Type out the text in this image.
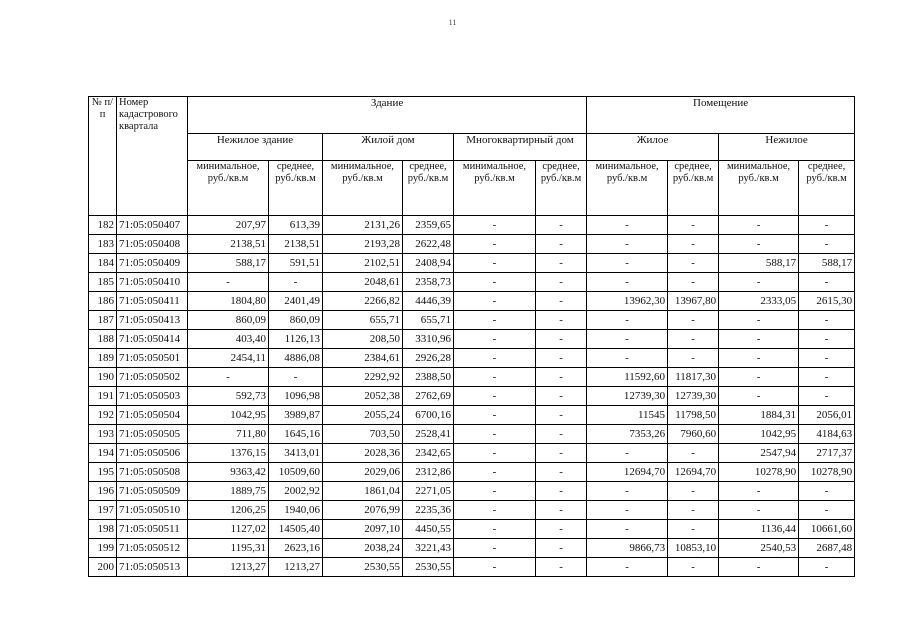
11
№ п/п	Номер кадастрового квартала	Здание						Помещение			
		Нежилое здание		Жилой дом		Многоквартирный дом		Жилое		Нежилое	
		минимальное, руб./кв.м	среднее, руб./кв.м	минимальное, руб./кв.м	среднее, руб./кв.м	минимальное, руб./кв.м	среднее, руб./кв.м	минимальное, руб./кв.м	среднее, руб./кв.м	минимальное, руб./кв.м	среднее, руб./кв.м
182	71:05:050407	207,97	613,39	2131,26	2359,65	-	-	-	-	-	-
183	71:05:050408	2138,51	2138,51	2193,28	2622,48	-	-	-	-	-	-
184	71:05:050409	588,17	591,51	2102,51	2408,94	-	-	-	-	588,17	588,17
185	71:05:050410	-	-	2048,61	2358,73	-	-	-	-	-	-
186	71:05:050411	1804,80	2401,49	2266,82	4446,39	-	-	13962,30	13967,80	2333,05	2615,30
187	71:05:050413	860,09	860,09	655,71	655,71	-	-	-	-	-	-
188	71:05:050414	403,40	1126,13	208,50	3310,96	-	-	-	-	-	-
189	71:05:050501	2454,11	4886,08	2384,61	2926,28	-	-	-	-	-	-
190	71:05:050502	-	-	2292,92	2388,50	-	-	11592,60	11817,30	-	-
191	71:05:050503	592,73	1096,98	2052,38	2762,69	-	-	12739,30	12739,30	-	-
192	71:05:050504	1042,95	3989,87	2055,24	6700,16	-	-	11545	11798,50	1884,31	2056,01
193	71:05:050505	711,80	1645,16	703,50	2528,41	-	-	7353,26	7960,60	1042,95	4184,63
194	71:05:050506	1376,15	3413,01	2028,36	2342,65	-	-	-	-	2547,94	2717,37
195	71:05:050508	9363,42	10509,60	2029,06	2312,86	-	-	12694,70	12694,70	10278,90	10278,90
196	71:05:050509	1889,75	2002,92	1861,04	2271,05	-	-	-	-	-	-
197	71:05:050510	1206,25	1940,06	2076,99	2235,36	-	-	-	-	-	-
198	71:05:050511	1127,02	14505,40	2097,10	4450,55	-	-	-	-	1136,44	10661,60
199	71:05:050512	1195,31	2623,16	2038,24	3221,43	-	-	9866,73	10853,10	2540,53	2687,48
200	71:05:050513	1213,27	1213,27	2530,55	2530,55	-	-	-	-	-	-
